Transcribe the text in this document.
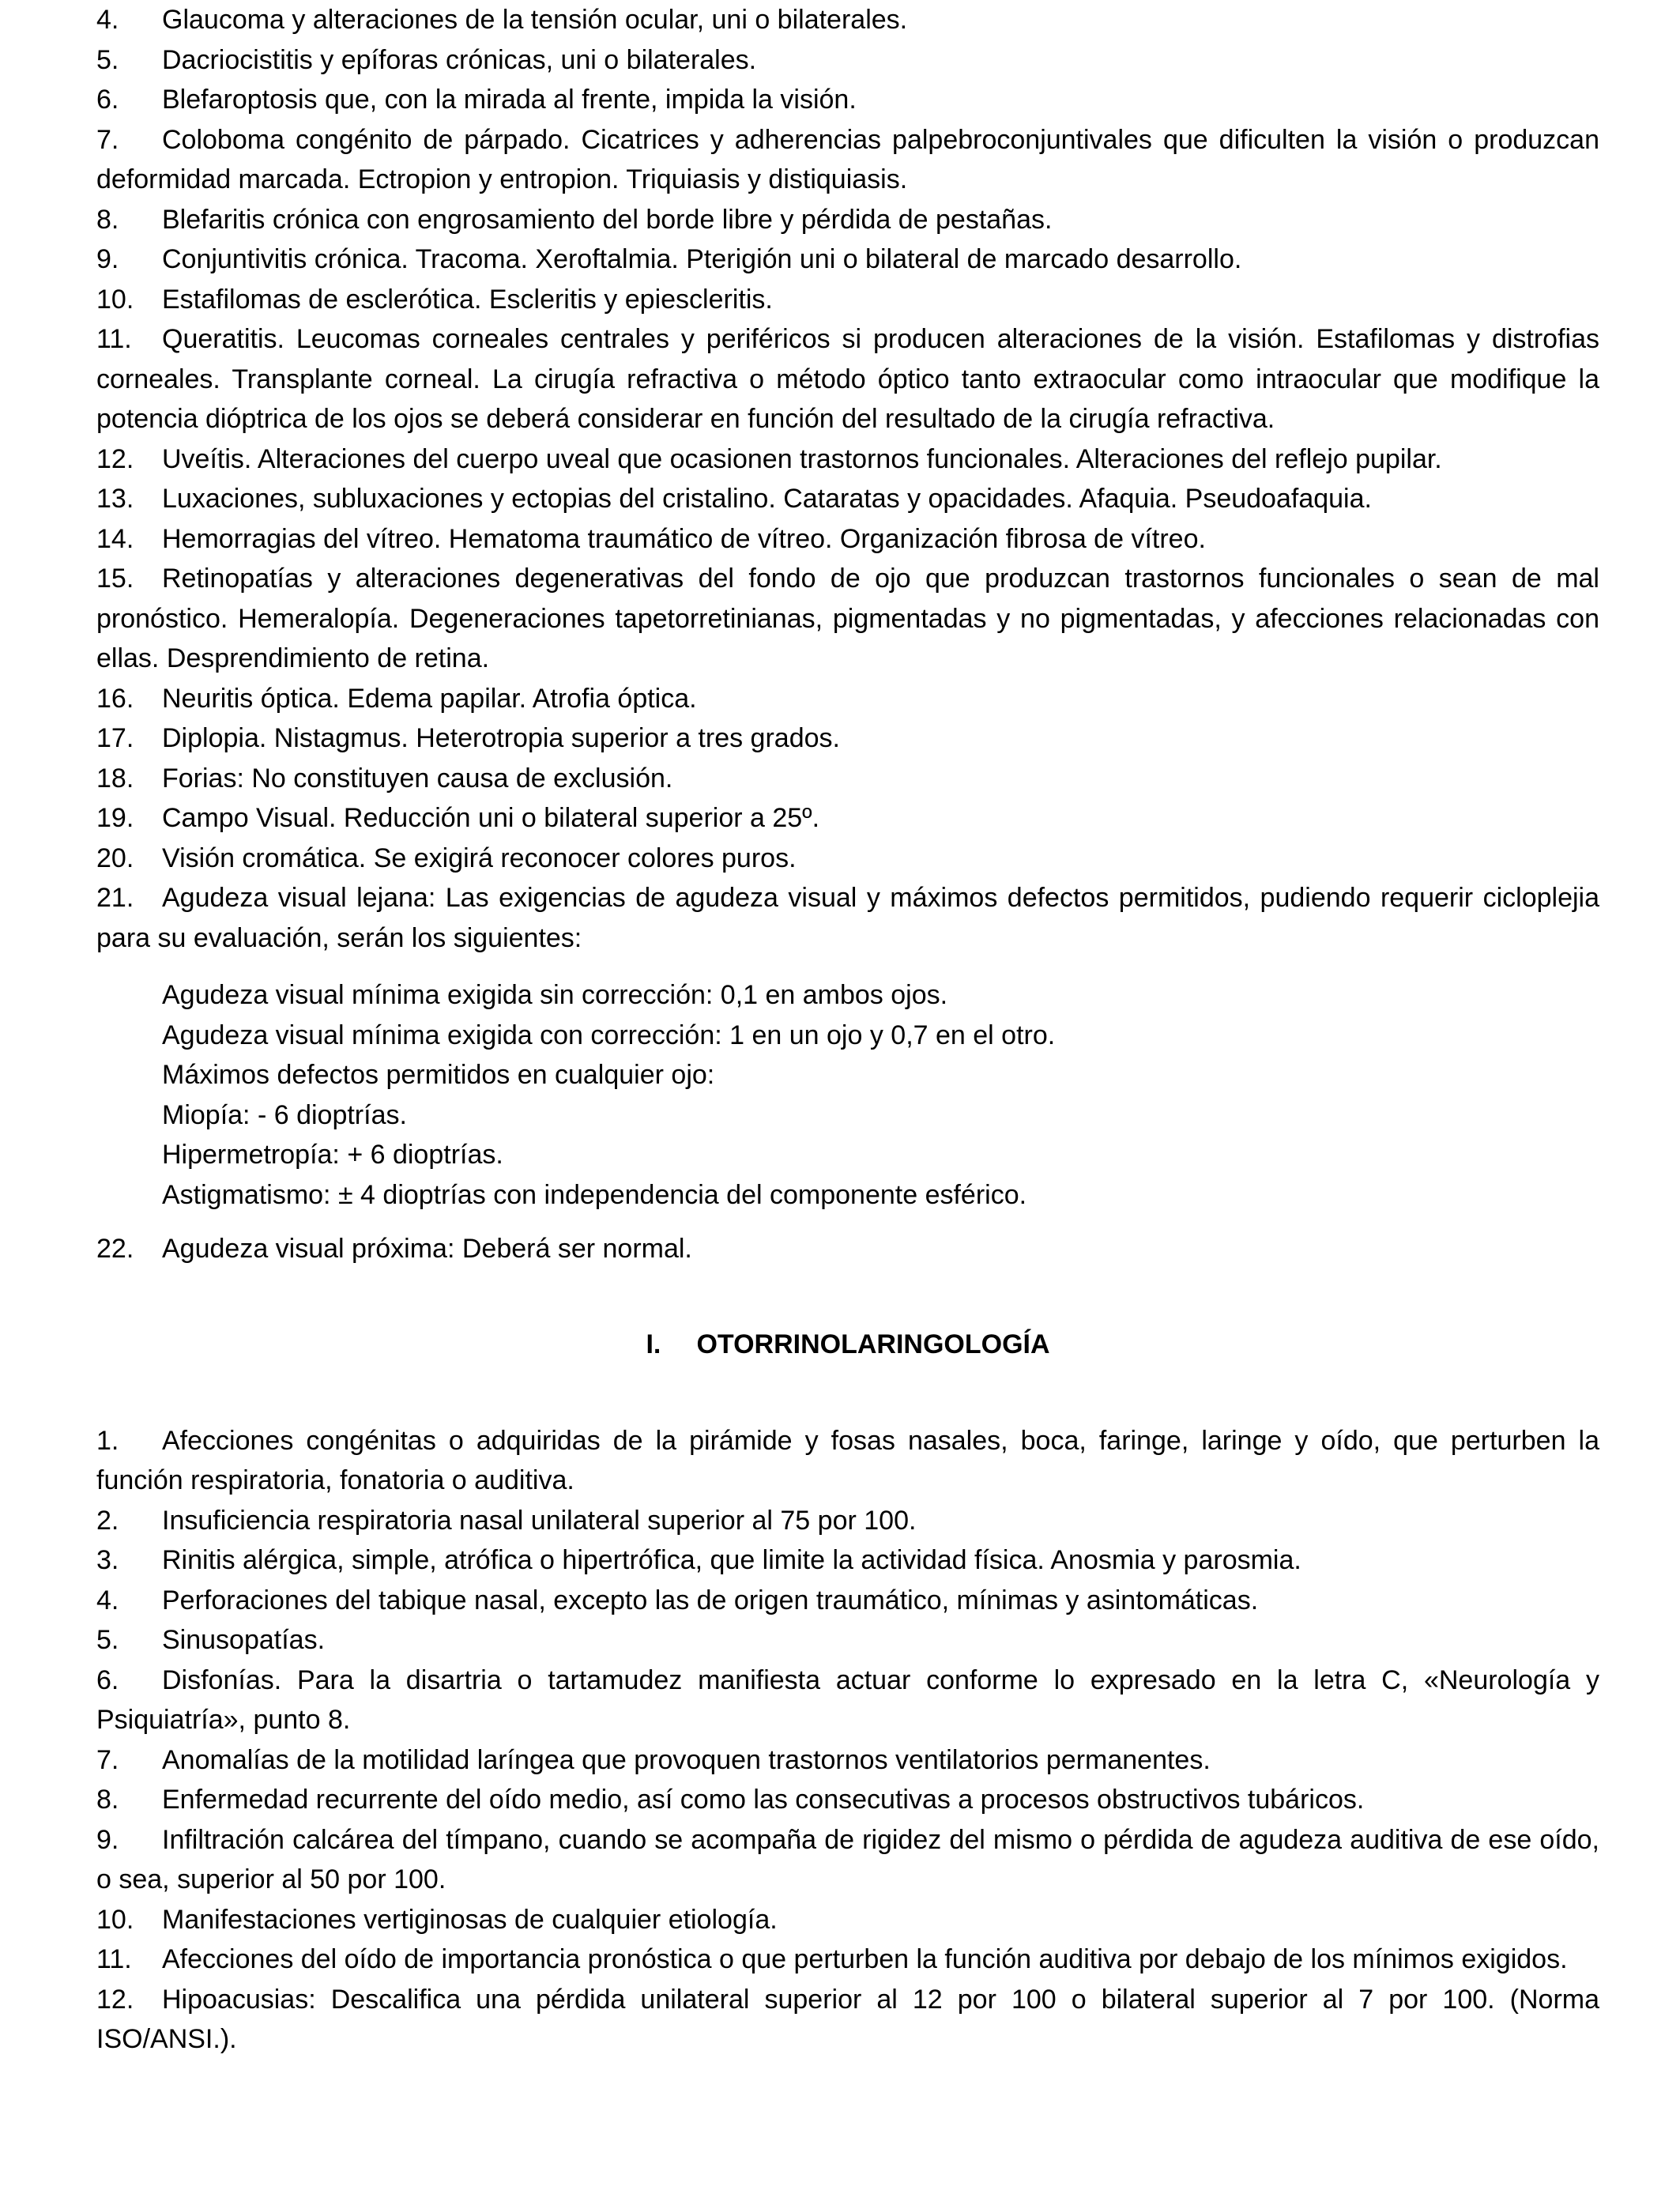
4. Glaucoma y alteraciones de la tensión ocular, uni o bilaterales.

5. Dacriocistitis y epíforas crónicas, uni o bilaterales.

6. Blefaroptosis que, con la mirada al frente, impida la visión.

7. Coloboma congénito de párpado. Cicatrices y adherencias palpebroconjuntivales que dificulten la visión o produzcan deformidad marcada. Ectropion y entropion. Triquiasis y distiquiasis.

8. Blefaritis crónica con engrosamiento del borde libre y pérdida de pestañas.

9. Conjuntivitis crónica. Tracoma. Xeroftalmia. Pterigión uni o bilateral de marcado desarrollo.

10. Estafilomas de esclerótica. Escleritis y epiescleritis.

11. Queratitis. Leucomas corneales centrales y periféricos si producen alteraciones de la visión. Estafilomas y distrofias corneales. Transplante corneal. La cirugía refractiva o método óptico tanto extraocular como intraocular que modifique la potencia dióptrica de los ojos se deberá considerar en función del resultado de la cirugía refractiva.

12. Uveítis. Alteraciones del cuerpo uveal que ocasionen trastornos funcionales. Alteraciones del reflejo pupilar.

13. Luxaciones, subluxaciones y ectopias del cristalino. Cataratas y opacidades. Afaquia. Pseudoafaquia.

14. Hemorragias del vítreo. Hematoma traumático de vítreo. Organización fibrosa de vítreo.

15. Retinopatías y alteraciones degenerativas del fondo de ojo que produzcan trastornos funcionales o sean de mal pronóstico. Hemeralopía. Degeneraciones tapetorretinianas, pigmentadas y no pigmentadas, y afecciones relacionadas con ellas. Desprendimiento de retina.

16. Neuritis óptica. Edema papilar. Atrofia óptica.

17. Diplopia. Nistagmus. Heterotropia superior a tres grados.

18. Forias: No constituyen causa de exclusión.

19. Campo Visual. Reducción uni o bilateral superior a 25º.

20. Visión cromática. Se exigirá reconocer colores puros.

21. Agudeza visual lejana: Las exigencias de agudeza visual y máximos defectos permitidos, pudiendo requerir cicloplejia para su evaluación, serán los siguientes:

Agudeza visual mínima exigida sin corrección: 0,1 en ambos ojos.

Agudeza visual mínima exigida con corrección: 1 en un ojo y 0,7 en el otro.

Máximos defectos permitidos en cualquier ojo:

Miopía: - 6 dioptrías.

Hipermetropía: + 6 dioptrías.

Astigmatismo: ± 4 dioptrías con independencia del componente esférico.

22. Agudeza visual próxima: Deberá ser normal.

I. OTORRINOLARINGOLOGÍA

1. Afecciones congénitas o adquiridas de la pirámide y fosas nasales, boca, faringe, laringe y oído, que perturben la función respiratoria, fonatoria o auditiva.

2. Insuficiencia respiratoria nasal unilateral superior al 75 por 100.

3. Rinitis alérgica, simple, atrófica o hipertrófica, que limite la actividad física. Anosmia y parosmia.

4. Perforaciones del tabique nasal, excepto las de origen traumático, mínimas y asintomáticas.

5. Sinusopatías.

6. Disfonías. Para la disartria o tartamudez manifiesta actuar conforme lo expresado en la letra C, «Neurología y Psiquiatría», punto 8.

7. Anomalías de la motilidad laríngea que provoquen trastornos ventilatorios permanentes.

8. Enfermedad recurrente del oído medio, así como las consecutivas a procesos obstructivos tubáricos.

9. Infiltración calcárea del tímpano, cuando se acompaña de rigidez del mismo o pérdida de agudeza auditiva de ese oído, o sea, superior al 50 por 100.

10. Manifestaciones vertiginosas de cualquier etiología.

11. Afecciones del oído de importancia pronóstica o que perturben la función auditiva por debajo de los mínimos exigidos.

12. Hipoacusias: Descalifica una pérdida unilateral superior al 12 por 100 o bilateral superior al 7 por 100. (Norma ISO/ANSI.).
